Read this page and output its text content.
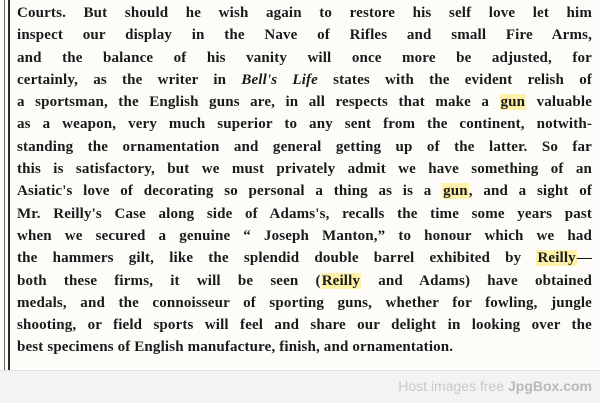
Courts. But should he wish again to restore his self love let him
inspect our display in the Nave of Rifles and small Fire Arms,
and the balance of his vanity will once more be adjusted, for
certainly, as the writer in Bell's Life states with the evident relish of
a sportsman, the English guns are, in all respects that make a gun valuable
as a weapon, very much superior to any sent from the continent, notwith-
standing the ornamentation and general getting up of the latter. So far
this is satisfactory, but we must privately admit we have something of an
Asiatic's love of decorating so personal a thing as is a gun, and a sight of
Mr. Reilly's Case along side of Adams's, recalls the time some years past
when we secured a genuine “ Joseph Manton,” to honour which we had
the hammers gilt, like the splendid double barrel exhibited by Reilly—
both these firms, it will be seen (Reilly and Adams) have obtained
medals, and the connoisseur of sporting guns, whether for fowling, jungle
shooting, or field sports will feel and share our delight in looking over the
best specimens of English manufacture, finish, and ornamentation.
Host images free JpgBox.com
